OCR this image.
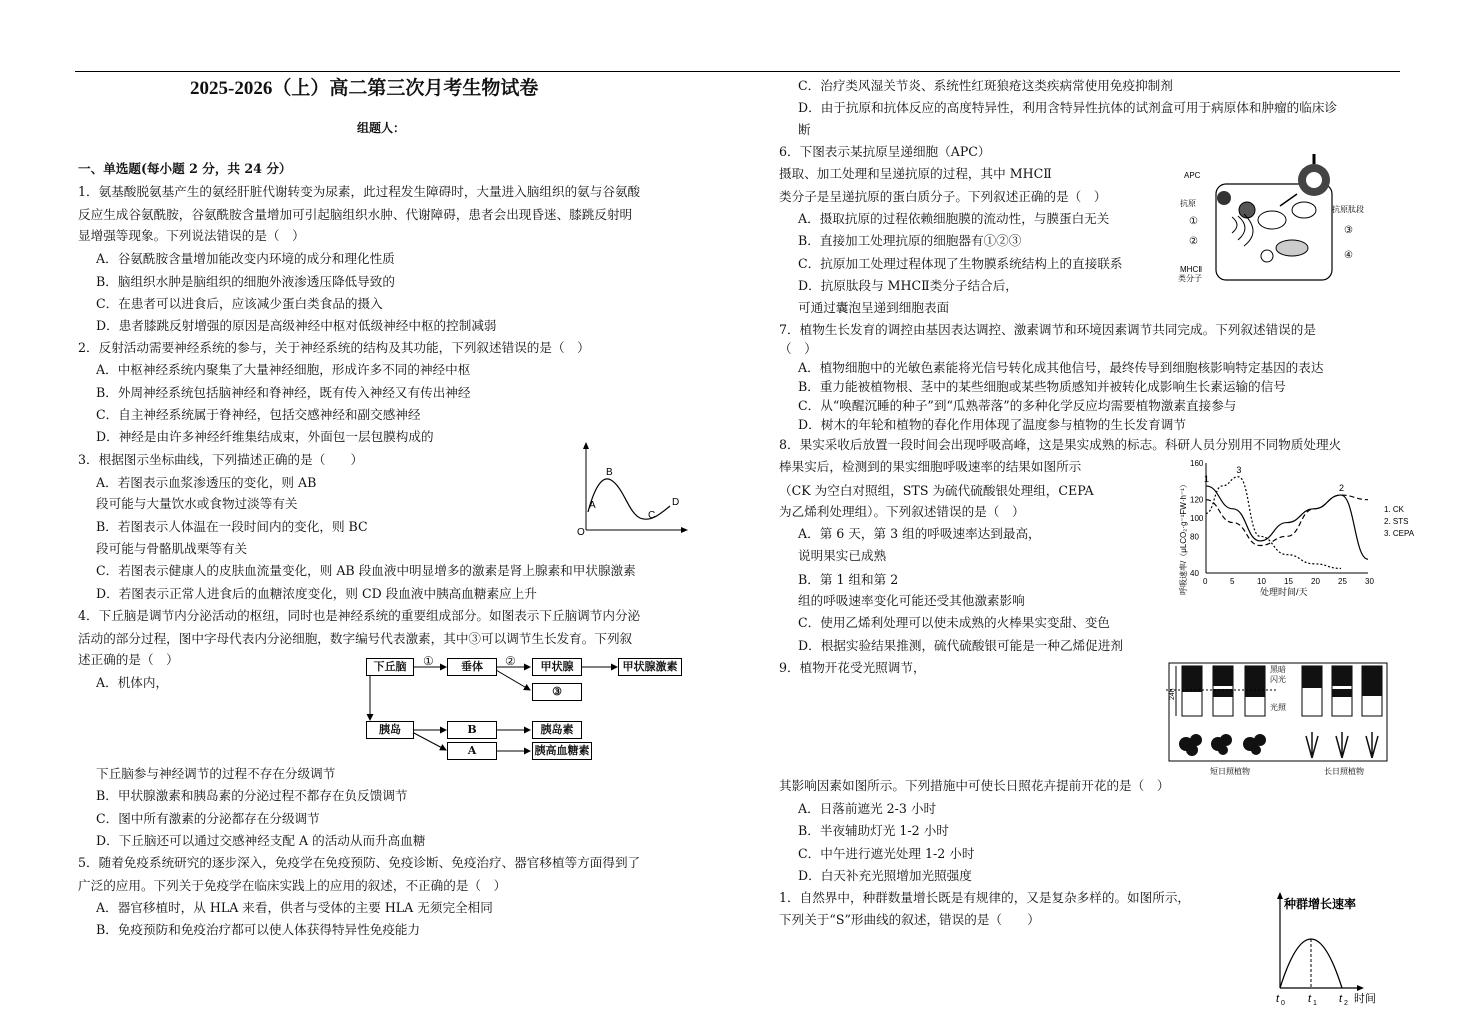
2025-2026（上）高二第三次月考生物试卷
组题人：
一、单选题(每小题 2 分，共 24 分）
1．氨基酸脱氨基产生的氨经肝脏代谢转变为尿素，此过程发生障碍时，大量进入脑组织的氨与谷氨酸
反应生成谷氨酰胺，谷氨酰胺含量增加可引起脑组织水肿、代谢障碍，患者会出现昏迷、膝跳反射明
显增强等现象。下列说法错误的是（　）
A．谷氨酰胺含量增加能改变内环境的成分和理化性质
B．脑组织水肿是脑组织的细胞外液渗透压降低导致的
C．在患者可以进食后，应该减少蛋白类食品的摄入
D．患者膝跳反射增强的原因是高级神经中枢对低级神经中枢的控制减弱
2．反射活动需要神经系统的参与，关于神经系统的结构及其功能，下列叙述错误的是（　）
A．中枢神经系统内聚集了大量神经细胞，形成许多不同的神经中枢
B．外周神经系统包括脑神经和脊神经，既有传入神经又有传出神经
C．自主神经系统属于脊神经，包括交感神经和副交感神经
D．神经是由许多神经纤维集结成束，外面包一层包膜构成的
3．根据图示坐标曲线，下列描述正确的是（　　）
A．若图表示血浆渗透压的变化，则 AB
段可能与大量饮水或食物过淡等有关
B．若图表示人体温在一段时间内的变化，则 BC
段可能与骨骼肌战栗等有关
C．若图表示健康人的皮肤血流量变化，则 AB 段血液中明显增多的激素是肾上腺素和甲状腺激素
D．若图表示正常人进食后的血糖浓度变化，则 CD 段血液中胰高血糖素应上升
O
A
B
C
D
4．下丘脑是调节内分泌活动的枢纽，同时也是神经系统的重要组成部分。如图表示下丘脑调节内分泌
活动的部分过程，图中字母代表内分泌细胞，数字编号代表激素，其中③可以调节生长发育。下列叙
述正确的是（　）
A．机体内，
下丘脑	①	垂体	②	甲状腺	甲状腺激素
③
胰岛	B
A
胰岛素
胰高血糖素
下丘脑参与神经调节的过程不存在分级调节
B．甲状腺激素和胰岛素的分泌过程不都存在负反馈调节
C．图中所有激素的分泌都存在分级调节
D．下丘脑还可以通过交感神经支配 A 的活动从而升高血糖
5．随着免疫系统研究的逐步深入，免疫学在免疫预防、免疫诊断、免疫治疗、器官移植等方面得到了
广泛的应用。下列关于免疫学在临床实践上的应用的叙述，不正确的是（　）
A．器官移植时，从 HLA 来看，供者与受体的主要 HLA 无须完全相同
B．免疫预防和免疫治疗都可以使人体获得特异性免疫能力
C．治疗类风湿关节炎、系统性红斑狼疮这类疾病常使用免疫抑制剂
D．由于抗原和抗体反应的高度特异性，利用含特异性抗体的试剂盒可用于病原体和肿瘤的临床诊
断
6．下图表示某抗原呈递细胞（APC）
摄取、加工处理和呈递抗原的过程，其中 MHCⅡ
类分子是呈递抗原的蛋白质分子。下列叙述正确的是（　）
A．摄取抗原的过程依赖细胞膜的流动性，与膜蛋白无关
B．直接加工处理抗原的细胞器有①②③
C．抗原加工处理过程体现了生物膜系统结构上的直接联系
D．抗原肽段与 MHCⅡ类分子结合后，
可通过囊泡呈递到细胞表面
APC
抗原
①
②
抗原肽段
③
④
MHCⅡ
类分子
7．植物生长发育的调控由基因表达调控、激素调节和环境因素调节共同完成。下列叙述错误的是
（　）
A．植物细胞中的光敏色素能将光信号转化成其他信号，最终传导到细胞核影响特定基因的表达
B．重力能被植物根、茎中的某些细胞或某些物质感知并被转化成影响生长素运输的信号
C．从“唤醒沉睡的种子”到“瓜熟蒂落”的多种化学反应均需要植物激素直接参与
D．树木的年轮和植物的春化作用体现了温度参与植物的生长发育调节
8．果实采收后放置一段时间会出现呼吸高峰，这是果实成熟的标志。科研人员分别用不同物质处理火
棒果实后，检测到的果实细胞呼吸速率的结果如图所示
（CK 为空白对照组，STS 为硫代硫酸银处理组，CEPA
为乙烯利处理组）。下列叙述错误的是（　）
A．第 6 天，第 3 组的呼吸速率达到最高，
说明果实已成熟
B．第 1 组和第 2
组的呼吸速率变化可能还受其他激素影响
C．使用乙烯利处理可以使未成熟的火棒果实变甜、变色
D．根据实验结果推测，硫代硫酸银可能是一种乙烯促进剂
呼吸速率/（μLCO₂·g⁻¹FW·h⁻¹）	处理时间/天
1. CK
2. STS
3. CEPA
0	5	10 15 20 25 30
40
80
100
120
160
1
2
3
9．植物开花受光照调节，
其影响因素如图所示。下列措施中可使长日照花卉提前开花的是（　）
A．日落前遮光 2-3 小时
B．半夜辅助灯光 1-2 小时
C．中午进行遮光处理 1-2 小时
D．白天补充光照增加光照强度
24h
黑暗
闪光
光照
短日照植物	长日照植物
1．自然界中，种群数量增长既是有规律的，又是复杂多样的。如图所示，
下列关于“S”形曲线的叙述，错误的是（　　）
种群增长速率
t 0 t 1 t 2 时间
